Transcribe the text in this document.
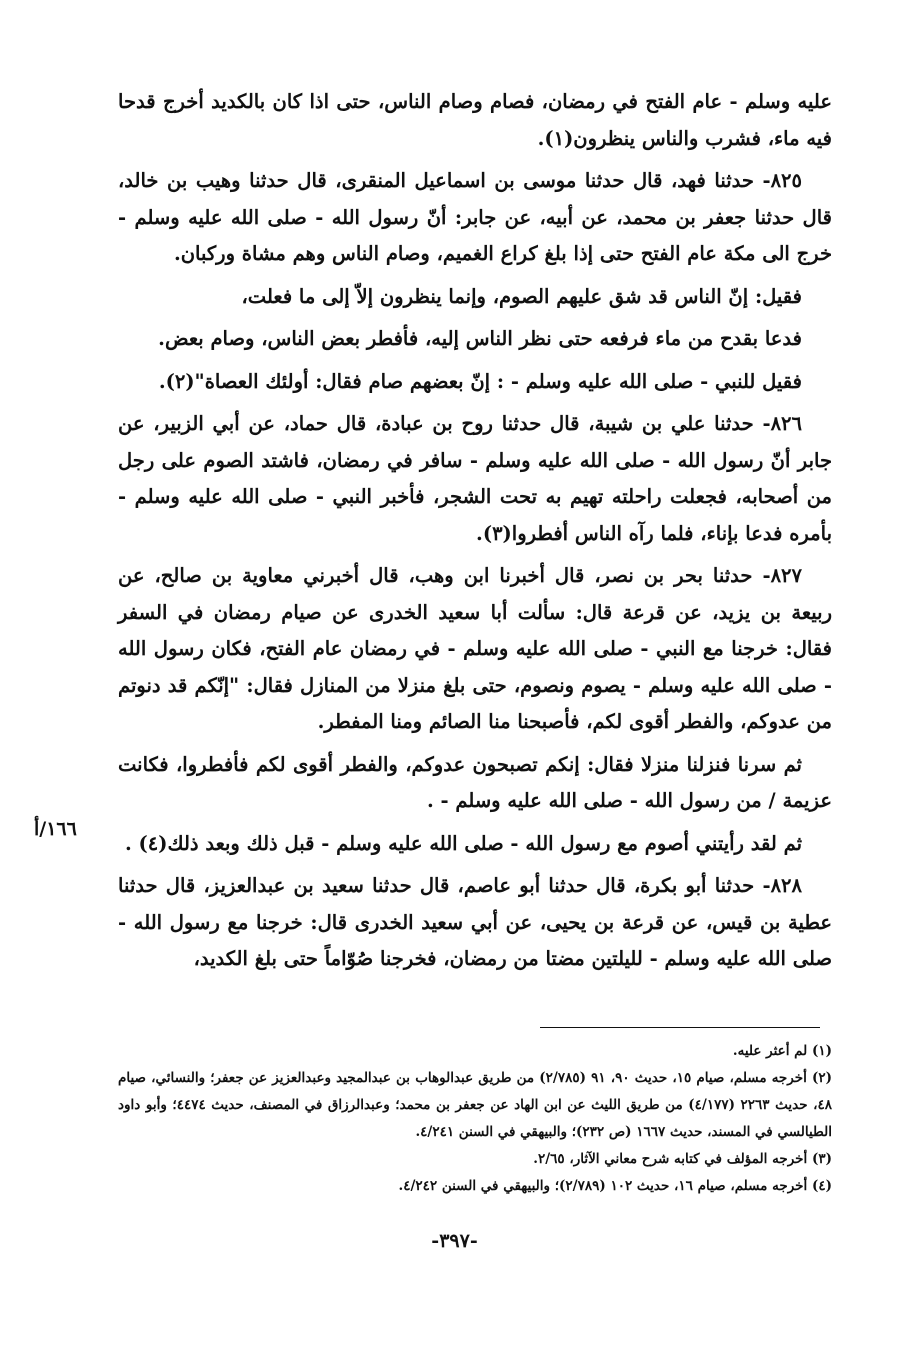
عليه وسلم - عام الفتح في رمضان، فصام وصام الناس، حتى اذا كان بالكديد أخرج قدحا فيه ماء، فشرب والناس ينظرون(١).

٨٢٥- حدثنا فهد، قال حدثنا موسى بن اسماعيل المنقرى، قال حدثنا وهيب بن خالد، قال حدثنا جعفر بن محمد، عن أبيه، عن جابر: أنّ رسول الله - صلى الله عليه وسلم - خرج الى مكة عام الفتح حتى إذا بلغ كراع الغميم، وصام الناس وهم مشاة وركبان.

فقيل: إنّ الناس قد شق عليهم الصوم، وإنما ينظرون إلاّ إلى ما فعلت،

فدعا بقدح من ماء فرفعه حتى نظر الناس إليه، فأفطر بعض الناس، وصام بعض.

فقيل للنبي - صلى الله عليه وسلم - : إنّ بعضهم صام فقال: أولئك العصاة"(٢).

٨٢٦- حدثنا علي بن شيبة، قال حدثنا روح بن عبادة، قال حماد، عن أبي الزبير، عن جابر أنّ رسول الله - صلى الله عليه وسلم - سافر في رمضان، فاشتد الصوم على رجل من أصحابه، فجعلت راحلته تهيم به تحت الشجر، فأخبر النبي - صلى الله عليه وسلم - بأمره فدعا بإناء، فلما رآه الناس أفطروا(٣).

٨٢٧- حدثنا بحر بن نصر، قال أخبرنا ابن وهب، قال أخبرني معاوية بن صالح، عن ربيعة بن يزيد، عن قرعة قال: سألت أبا سعيد الخدرى عن صيام رمضان في السفر فقال: خرجنا مع النبي - صلى الله عليه وسلم - في رمضان عام الفتح، فكان رسول الله - صلى الله عليه وسلم - يصوم ونصوم، حتى بلغ منزلا من المنازل فقال: "إنّكم قد دنوتم من عدوكم، والفطر أقوى لكم، فأصبحنا منا الصائم ومنا المفطر.

ثم سرنا فنزلنا منزلا فقال: إنكم تصبحون عدوكم، والفطر أقوى لكم فأفطروا، فكانت عزيمة / من رسول الله - صلى الله عليه وسلم - .

ثم لقد رأيتني أصوم مع رسول الله - صلى الله عليه وسلم - قبل ذلك وبعد ذلك(٤) .

٨٢٨- حدثنا أبو بكرة، قال حدثنا أبو عاصم، قال حدثنا سعيد بن عبدالعزيز، قال حدثنا عطية بن قيس، عن قرعة بن يحيى، عن أبي سعيد الخدرى قال: خرجنا مع رسول الله - صلى الله عليه وسلم - لليلتين مضتا من رمضان، فخرجنا صُوّاماً حتى بلغ الكديد،

١٦٦/أ

(١) لم أعثر عليه.

(٢) أخرجه مسلم، صيام ١٥، حديث ٩٠، ٩١ (٢/٧٨٥) من طريق عبدالوهاب بن عبدالمجيد وعبدالعزيز عن جعفر؛ والنسائي، صيام ٤٨، حديث ٢٢٦٣ (٤/١٧٧) من طريق الليث عن ابن الهاد عن جعفر بن محمد؛ وعبدالرزاق في المصنف، حديث ٤٤٧٤؛ وأبو داود الطيالسي في المسند، حديث ١٦٦٧ (ص ٢٣٢)؛ والبيهقي في السنن ٤/٢٤١.

(٣) أخرجه المؤلف في كتابه شرح معاني الآثار، ٢/٦٥.

(٤) أخرجه مسلم، صيام ١٦، حديث ١٠٢ (٢/٧٨٩)؛ والبيهقي في السنن ٤/٢٤٢.

-٣٩٧-
